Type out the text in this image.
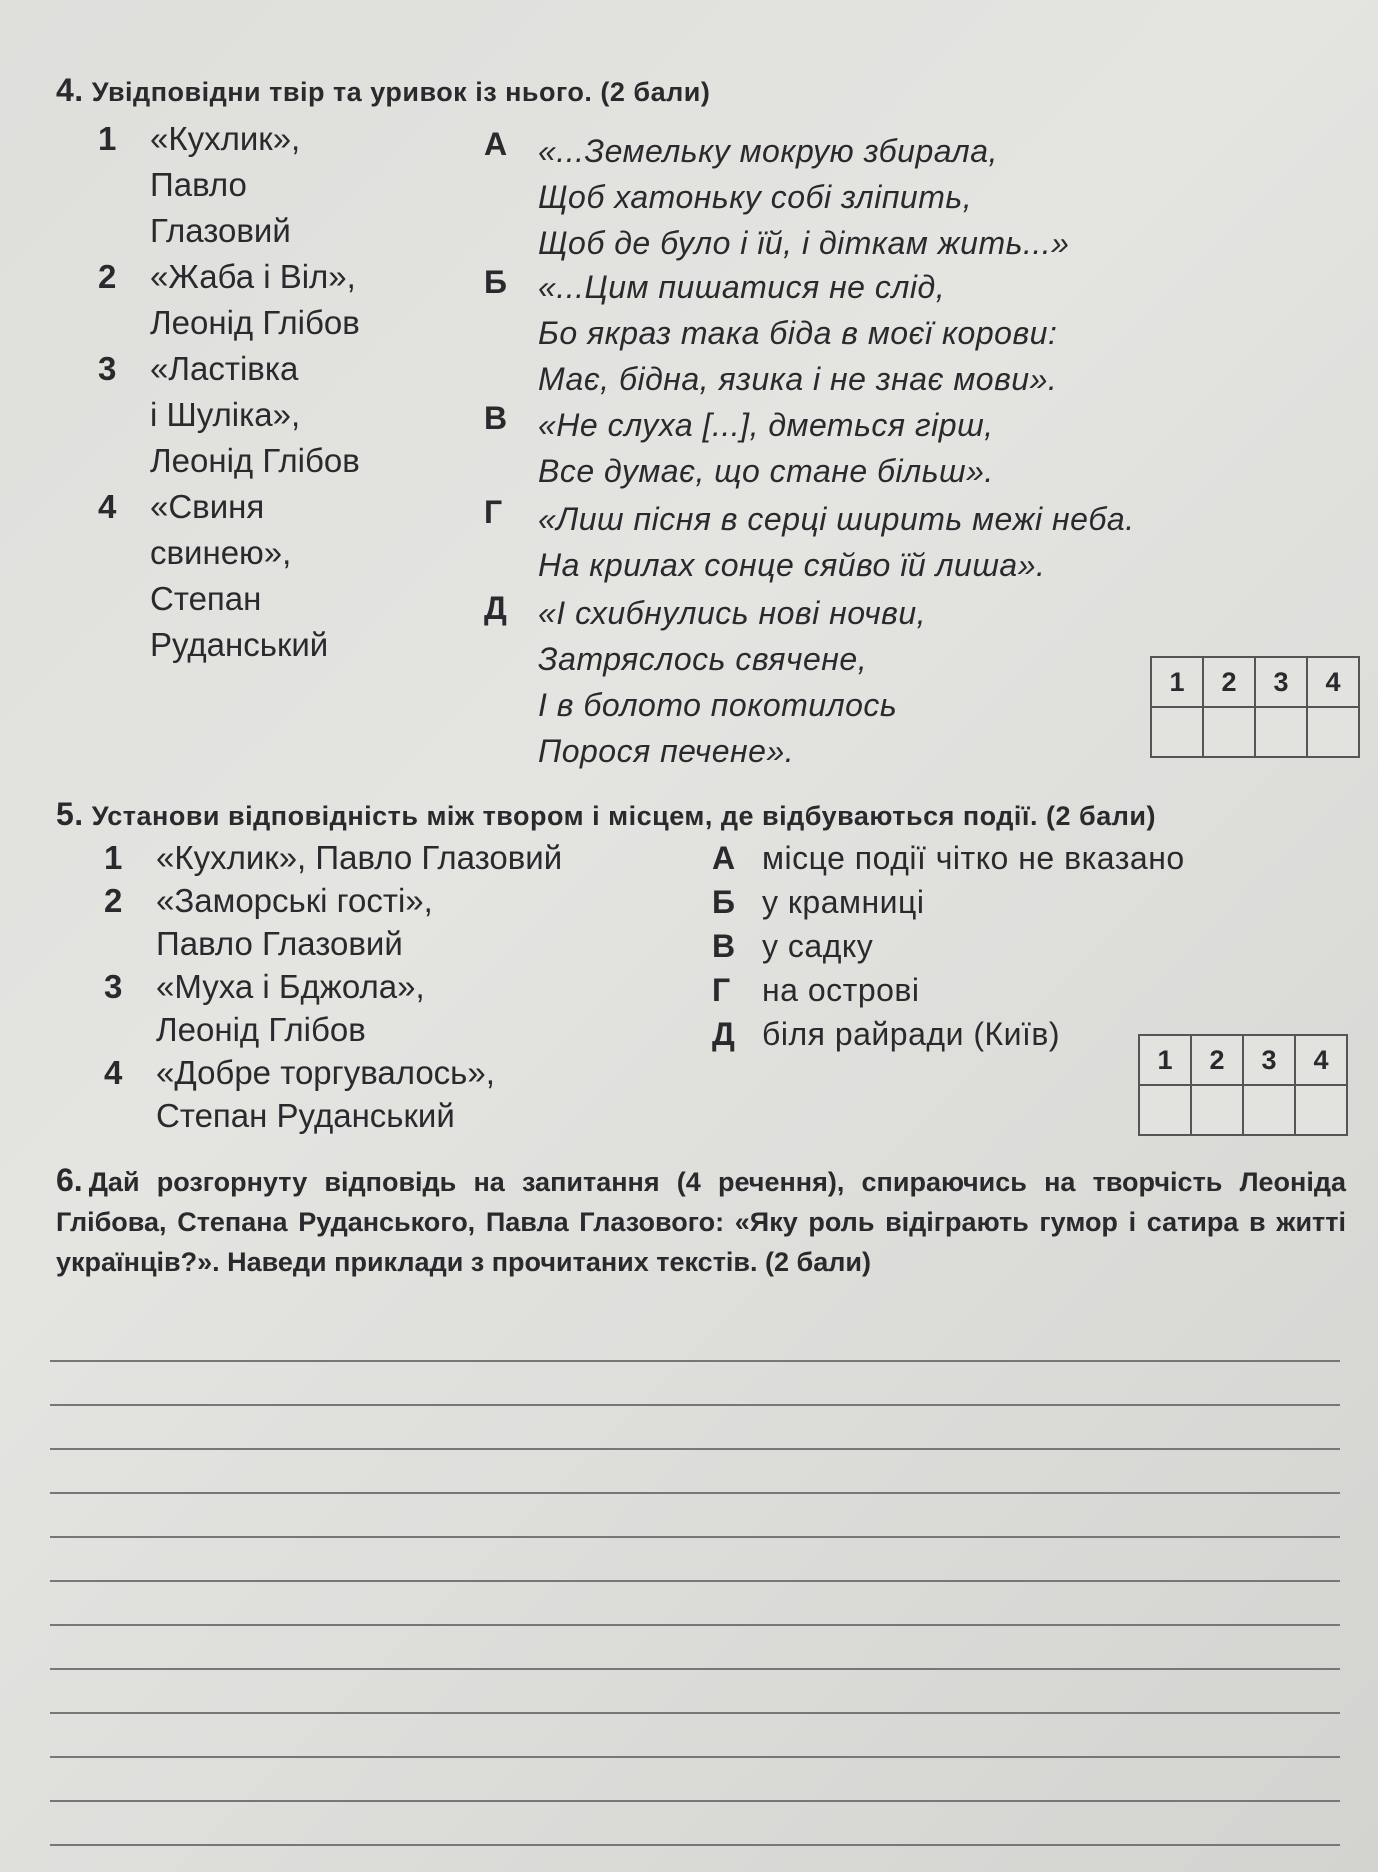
4. Увідповідни твір та уривок із нього. (2 бали)
1 «Кухлик»,
Павло
Глазовий
2 «Жаба і Віл»,
Леонід Глібов
3 «Ластівка
і Шуліка»,
Леонід Глібов
4 «Свиня
свинею»,
Степан
Руданський
А «...Земельку мокрую збирала,
Щоб хатоньку собі зліпить,
Щоб де було і їй, і діткам жить...»
Б «...Цим пишатися не слід,
Бо якраз така біда в моєї корови:
Має, бідна, язика і не знає мови».
В «Не слуха [...], дметься гірш,
Все думає, що стане більш».
Г «Лиш пісня в серці ширить межі неба.
На крилах сонце сяйво їй лиша».
Д «І схибнулись нові ночви,
Затряслось свячене,
І в болото покотилось
Порося печене».
1	2	3	4

5. Установи відповідність між твором і місцем, де відбуваються події. (2 бали)
1 «Кухлик», Павло Глазовий
2 «Заморські гості»,
Павло Глазовий
3 «Муха і Бджола»,
Леонід Глібов
4 «Добре торгувалось»,
Степан Руданський
А місце події чітко не вказано
Б у крамниці
В у садку
Г на острові
Д біля райради (Київ)
1	2	3	4

6. Дай розгорнуту відповідь на запитання (4 речення), спираючись на творчість Леоніда Глібова, Степана Руданського, Павла Глазового: «Яку роль відіграють гумор і сатира в житті українців?». Наведи приклади з прочитаних текстів. (2 бали)
